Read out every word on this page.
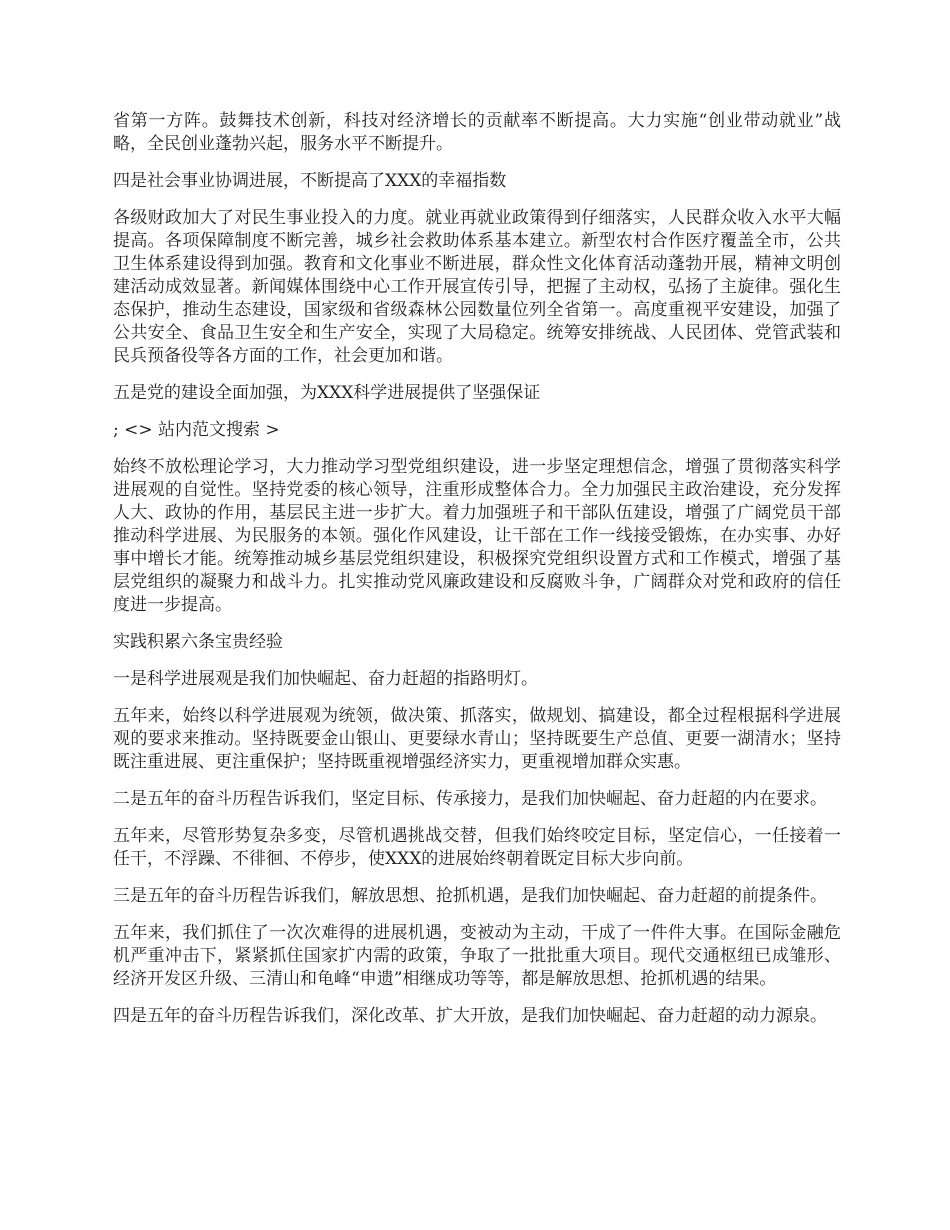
省第一方阵。鼓舞技术创新，科技对经济增长的贡献率不断提高。大力实施“创业带动就业”战略，全民创业蓬勃兴起，服务水平不断提升。

四是社会事业协调进展，不断提高了XXX的幸福指数

各级财政加大了对民生事业投入的力度。就业再就业政策得到仔细落实，人民群众收入水平大幅提高。各项保障制度不断完善，城乡社会救助体系基本建立。新型农村合作医疗覆盖全市，公共卫生体系建设得到加强。教育和文化事业不断进展，群众性文化体育活动蓬勃开展，精神文明创建活动成效显著。新闻媒体围绕中心工作开展宣传引导，把握了主动权，弘扬了主旋律。强化生态保护，推动生态建设，国家级和省级森林公园数量位列全省第一。高度重视平安建设，加强了公共安全、食品卫生安全和生产安全，实现了大局稳定。统筹安排统战、人民团体、党管武装和民兵预备役等各方面的工作，社会更加和谐。

五是党的建设全面加强，为XXX科学进展提供了坚强保证

; <> 站内范文搜索 >

始终不放松理论学习，大力推动学习型党组织建设，进一步坚定理想信念，增强了贯彻落实科学进展观的自觉性。坚持党委的核心领导，注重形成整体合力。全力加强民主政治建设，充分发挥人大、政协的作用，基层民主进一步扩大。着力加强班子和干部队伍建设，增强了广阔党员干部推动科学进展、为民服务的本领。强化作风建设，让干部在工作一线接受锻炼，在办实事、办好事中增长才能。统筹推动城乡基层党组织建设，积极探究党组织设置方式和工作模式，增强了基层党组织的凝聚力和战斗力。扎实推动党风廉政建设和反腐败斗争，广阔群众对党和政府的信任度进一步提高。

实践积累六条宝贵经验

一是科学进展观是我们加快崛起、奋力赶超的指路明灯。

五年来，始终以科学进展观为统领，做决策、抓落实，做规划、搞建设，都全过程根据科学进展观的要求来推动。坚持既要金山银山、更要绿水青山；坚持既要生产总值、更要一湖清水；坚持既注重进展、更注重保护；坚持既重视增强经济实力，更重视增加群众实惠。

二是五年的奋斗历程告诉我们，坚定目标、传承接力，是我们加快崛起、奋力赶超的内在要求。

五年来，尽管形势复杂多变，尽管机遇挑战交替，但我们始终咬定目标，坚定信心，一任接着一任干，不浮躁、不徘徊、不停步，使XXX的进展始终朝着既定目标大步向前。

三是五年的奋斗历程告诉我们，解放思想、抢抓机遇，是我们加快崛起、奋力赶超的前提条件。

五年来，我们抓住了一次次难得的进展机遇，变被动为主动，干成了一件件大事。在国际金融危机严重冲击下，紧紧抓住国家扩内需的政策，争取了一批批重大项目。现代交通枢纽已成雏形、经济开发区升级、三清山和龟峰“申遗”相继成功等等，都是解放思想、抢抓机遇的结果。

四是五年的奋斗历程告诉我们，深化改革、扩大开放，是我们加快崛起、奋力赶超的动力源泉。
